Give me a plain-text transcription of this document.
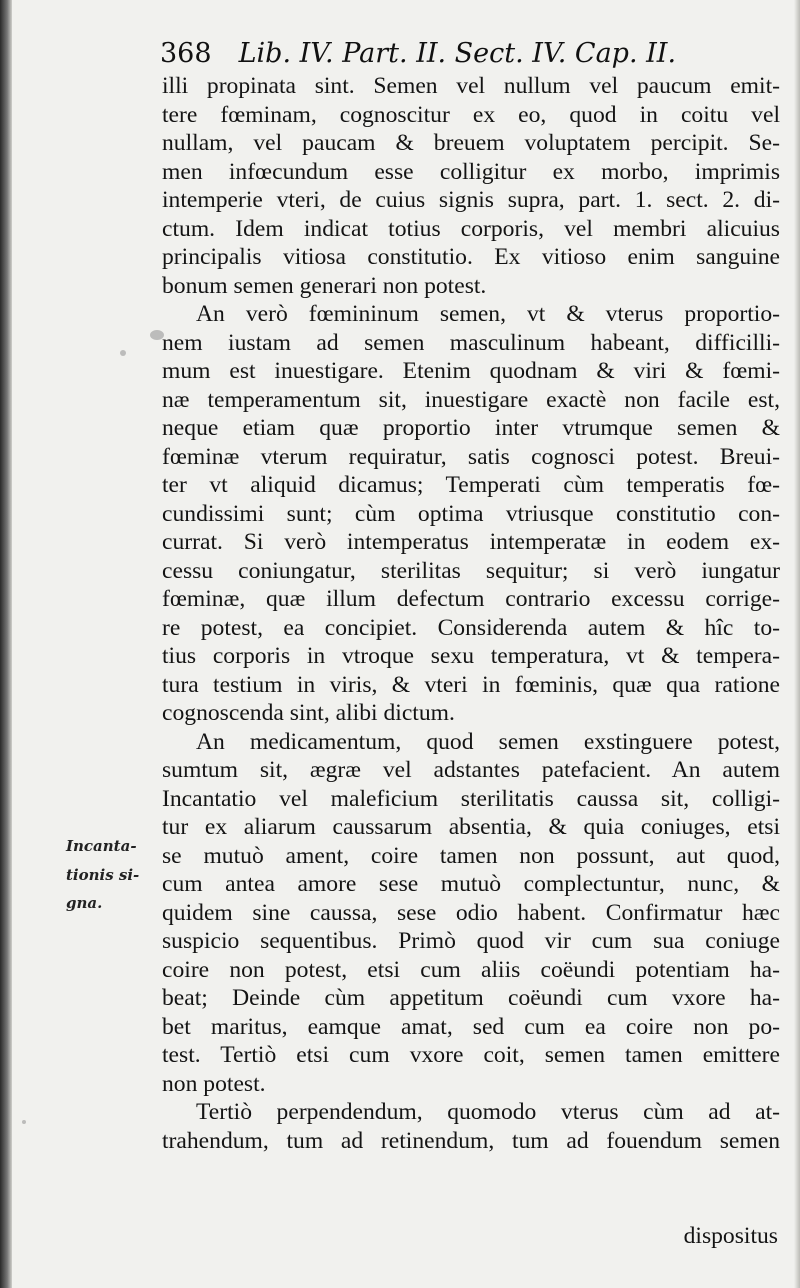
368 Lib. IV. Part. II. Sect. IV. Cap. II.
illi propinata sint. Semen vel nullum vel paucum emit-
tere fœminam, cognoscitur ex eo, quod in coitu vel
nullam, vel paucam & breuem voluptatem percipit. Se-
men infœcundum esse colligitur ex morbo, imprimis
intemperie vteri, de cuius signis supra, part. 1. sect. 2. di-
ctum. Idem indicat totius corporis, vel membri alicuius
principalis vitiosa constitutio. Ex vitioso enim sanguine
bonum semen generari non potest.
An verò fœmininum semen, vt & vterus proportio-
nem iustam ad semen masculinum habeant, difficilli-
mum est inuestigare. Etenim quodnam & viri & fœmi-
næ temperamentum sit, inuestigare exactè non facile est,
neque etiam quæ proportio inter vtrumque semen &
fœminæ vterum requiratur, satis cognosci potest. Breui-
ter vt aliquid dicamus; Temperati cùm temperatis fœ-
cundissimi sunt; cùm optima vtriusque constitutio con-
currat. Si verò intemperatus intemperatæ in eodem ex-
cessu coniungatur, sterilitas sequitur; si verò iungatur
fœminæ, quæ illum defectum contrario excessu corrige-
re potest, ea concipiet. Considerenda autem & hîc to-
tius corporis in vtroque sexu temperatura, vt & tempera-
tura testium in viris, & vteri in fœminis, quæ qua ratione
cognoscenda sint, alibi dictum.
An medicamentum, quod semen exstinguere potest,
sumtum sit, ægræ vel adstantes patefacient. An autem
Incantatio vel maleficium sterilitatis caussa sit, colligi-
tur ex aliarum caussarum absentia, & quia coniuges, etsi
se mutuò ament, coire tamen non possunt, aut quod,
cum antea amore sese mutuò complectuntur, nunc, &
quidem sine caussa, sese odio habent. Confirmatur hæc
suspicio sequentibus. Primò quod vir cum sua coniuge
coire non potest, etsi cum aliis coëundi potentiam ha-
beat; Deinde cùm appetitum coëundi cum vxore ha-
bet maritus, eamque amat, sed cum ea coire non po-
test. Tertiò etsi cum vxore coit, semen tamen emittere
non potest.
Tertiò perpendendum, quomodo vterus cùm ad at-
trahendum, tum ad retinendum, tum ad fouendum semen
Incanta-
tionis si-
gna.
dispositus
